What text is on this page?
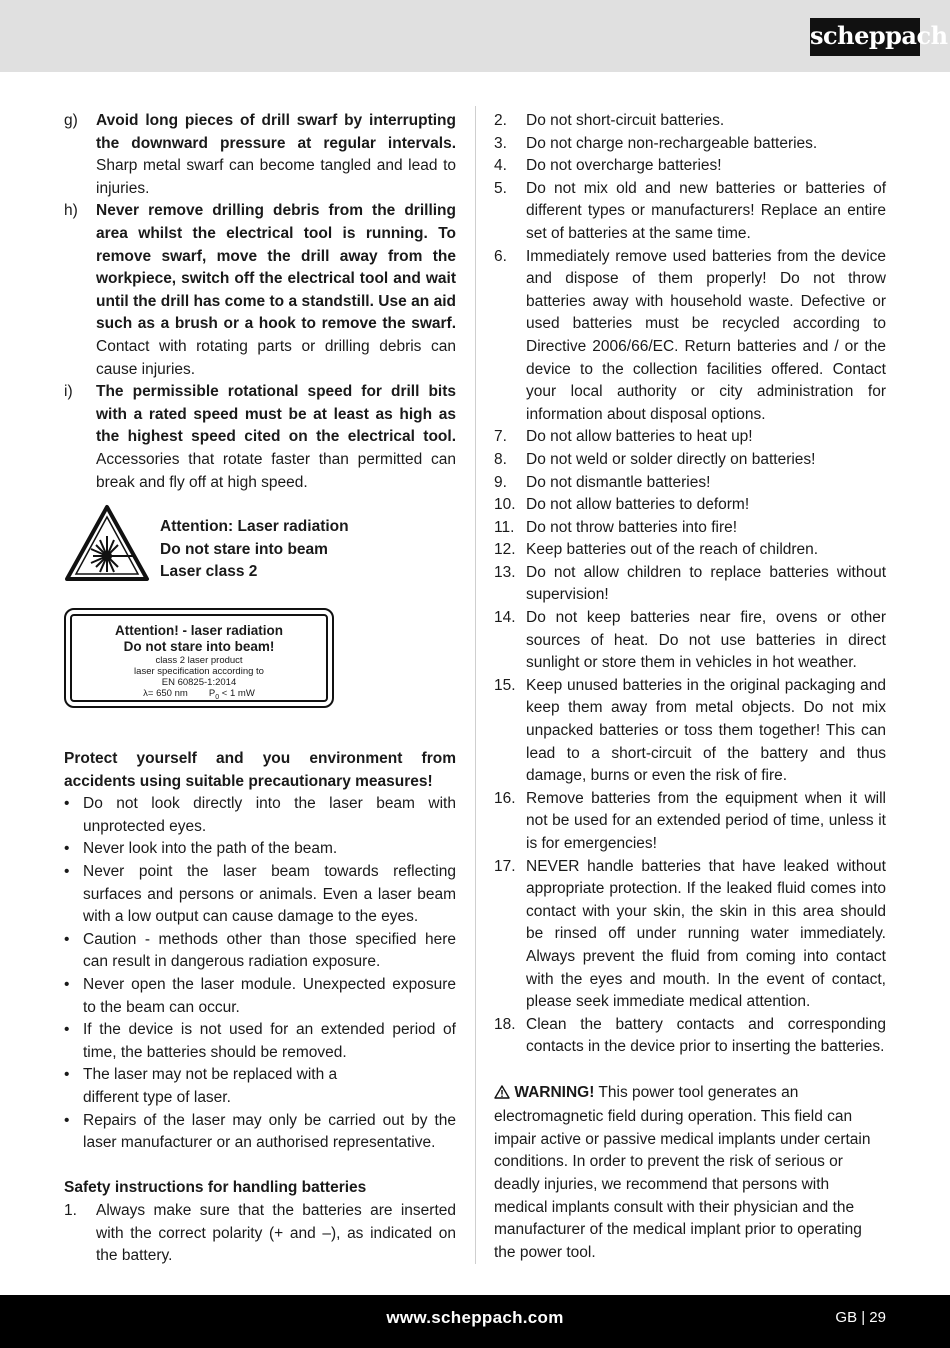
scheppach
g)	Avoid long pieces of drill swarf by interrupting the downward pressure at regular intervals. Sharp metal swarf can become tangled and lead to injuries.
h)	Never remove drilling debris from the drilling area whilst the electrical tool is running. To remove swarf, move the drill away from the workpiece, switch off the electrical tool and wait until the drill has come to a standstill. Use an aid such as a brush or a hook to remove the swarf. Contact with rotating parts or drilling debris can cause injuries.
i)	The permissible rotational speed for drill bits with a rated speed must be at least as high as the highest speed cited on the electrical tool. Accessories that rotate faster than permitted can break and fly off at high speed.
Attention: Laser radiation
Do not stare into beam
Laser class 2
Attention! - laser radiation
Do not stare into beam!
class 2 laser product
laser specification according to
EN 60825-1:2014
λ= 650 nm $P_0 < 1$ mW

Protect yourself and you environment from accidents using suitable precautionary measures!

• Do not look directly into the laser beam with unprotected eyes.
• Never look into the path of the beam.
• Never point the laser beam towards reflecting surfaces and persons or animals. Even a laser beam with a low output can cause damage to the eyes.
• Caution - methods other than those specified here can result in dangerous radiation exposure.
• Never open the laser module. Unexpected exposure to the beam can occur.
• If the device is not used for an extended period of time, the batteries should be removed.
• The laser may not be replaced with a different type of laser.
• Repairs of the laser may only be carried out by the laser manufacturer or an authorised representative.

Safety instructions for handling batteries

1.	Always make sure that the batteries are inserted with the correct polarity (+ and –), as indicated on the battery.
2.	Do not short-circuit batteries.
3.	Do not charge non-rechargeable batteries.
4.	Do not overcharge batteries!
5.	Do not mix old and new batteries or batteries of different types or manufacturers! Replace an entire set of batteries at the same time.
6.	Immediately remove used batteries from the device and dispose of them properly! Do not throw batteries away with household waste. Defective or used batteries must be recycled according to Directive 2006/66/EC. Return batteries and / or the device to the collection facilities offered. Contact your local authority or city administration for information about disposal options.
7.	Do not allow batteries to heat up!
8.	Do not weld or solder directly on batteries!
9.	Do not dismantle batteries!
10. Do not allow batteries to deform!
11. Do not throw batteries into fire!
12. Keep batteries out of the reach of children.
13. Do not allow children to replace batteries without supervision!
14. Do not keep batteries near fire, ovens or other sources of heat. Do not use batteries in direct sunlight or store them in vehicles in hot weather.
15. Keep unused batteries in the original packaging and keep them away from metal objects. Do not mix unpacked batteries or toss them together! This can lead to a short-circuit of the battery and thus damage, burns or even the risk of fire.
16. Remove batteries from the equipment when it will not be used for an extended period of time, unless it is for emergencies!
17. NEVER handle batteries that have leaked without appropriate protection. If the leaked fluid comes into contact with your skin, the skin in this area should be rinsed off under running water immediately. Always prevent the fluid from coming into contact with the eyes and mouth. In the event of contact, please seek immediate medical attention.
18. Clean the battery contacts and corresponding contacts in the device prior to inserting the batteries.

WARNING! This power tool generates an electromagnetic field during operation. This field can impair active or passive medical implants under certain conditions. In order to prevent the risk of serious or deadly injuries, we recommend that persons with medical implants consult with their physician and the manufacturer of the medical implant prior to operating the power tool.

www.scheppach.com	GB | 29
